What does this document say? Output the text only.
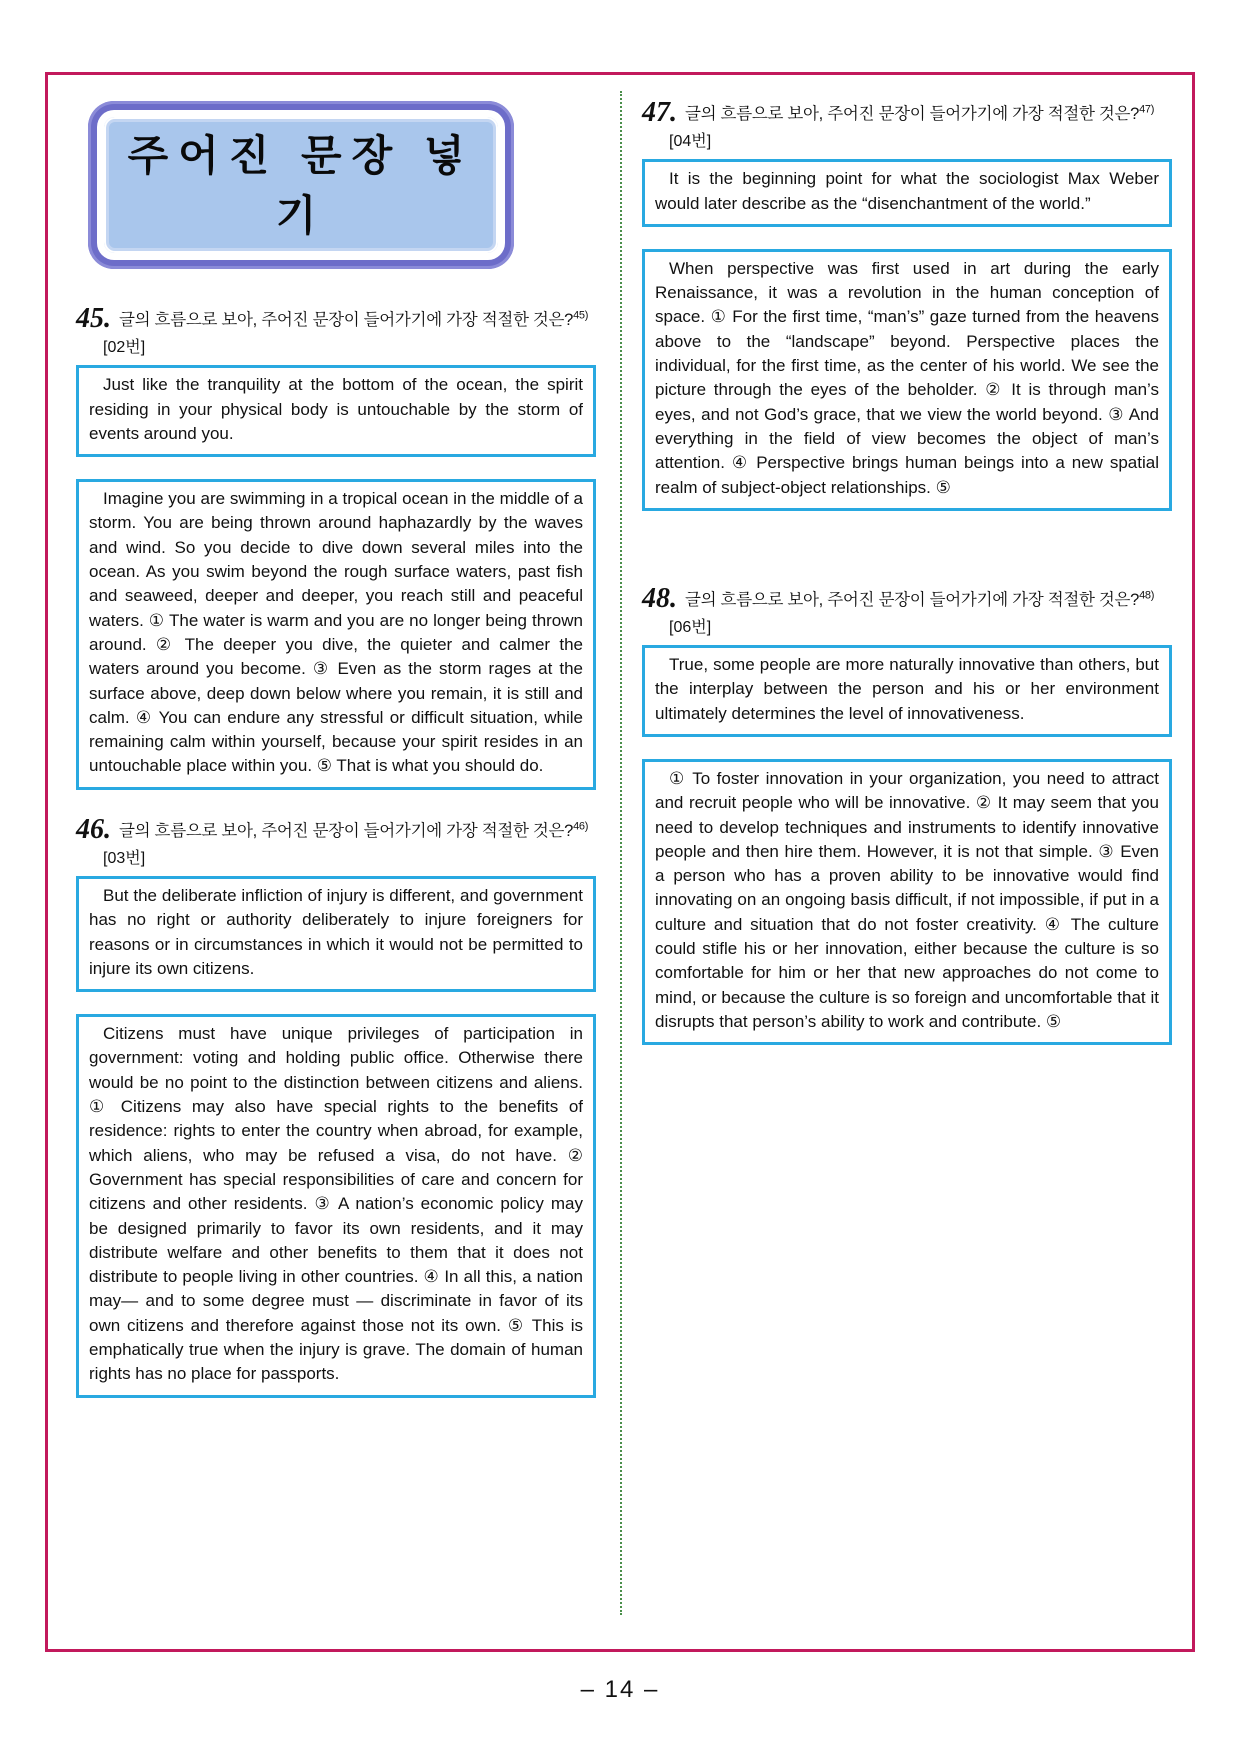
주어진 문장 넣기
45. 글의 흐름으로 보아, 주어진 문장이 들어가기에 가장 적절한 것은?$^{45)}$
[02번]

Just like the tranquility at the bottom of the ocean, the spirit residing in your physical body is untouchable by the storm of events around you.

Imagine you are swimming in a tropical ocean in the middle of a storm. You are being thrown around haphazardly by the waves and wind. So you decide to dive down several miles into the ocean. As you swim beyond the rough surface waters, past fish and seaweed, deeper and deeper, you reach still and peaceful waters. ① The water is warm and you are no longer being thrown around. ② The deeper you dive, the quieter and calmer the waters around you become. ③ Even as the storm rages at the surface above, deep down below where you remain, it is still and calm. ④ You can endure any stressful or difficult situation, while remaining calm within yourself, because your spirit resides in an untouchable place within you. ⑤ That is what you should do.

46. 글의 흐름으로 보아, 주어진 문장이 들어가기에 가장 적절한 것은?$^{46)}$
[03번]

But the deliberate infliction of injury is different, and government has no right or authority deliberately to injure foreigners for reasons or in circumstances in which it would not be permitted to injure its own citizens.

Citizens must have unique privileges of participation in government: voting and holding public office. Otherwise there would be no point to the distinction between citizens and aliens. ① Citizens may also have special rights to the benefits of residence: rights to enter the country when abroad, for example, which aliens, who may be refused a visa, do not have. ② Government has special responsibilities of care and concern for citizens and other residents. ③ A nation’s economic policy may be designed primarily to favor its own residents, and it may distribute welfare and other benefits to them that it does not distribute to people living in other countries. ④ In all this, a nation may— and to some degree must — discriminate in favor of its own citizens and therefore against those not its own. ⑤ This is emphatically true when the injury is grave. The domain of human rights has no place for passports.

47. 글의 흐름으로 보아, 주어진 문장이 들어가기에 가장 적절한 것은?$^{47)}$
[04번]

It is the beginning point for what the sociologist Max Weber would later describe as the “disenchantment of the world.”

When perspective was first used in art during the early Renaissance, it was a revolution in the human conception of space. ① For the first time, “man’s” gaze turned from the heavens above to the “landscape” beyond. Perspective places the individual, for the first time, as the center of his world. We see the picture through the eyes of the beholder. ② It is through man’s eyes, and not God’s grace, that we view the world beyond. ③ And everything in the field of view becomes the object of man’s attention. ④ Perspective brings human beings into a new spatial realm of subject-object relationships. ⑤

48. 글의 흐름으로 보아, 주어진 문장이 들어가기에 가장 적절한 것은?$^{48)}$
[06번]

True, some people are more naturally innovative than others, but the interplay between the person and his or her environment ultimately determines the level of innovativeness.

① To foster innovation in your organization, you need to attract and recruit people who will be innovative. ② It may seem that you need to develop techniques and instruments to identify innovative people and then hire them. However, it is not that simple. ③ Even a person who has a proven ability to be innovative would find innovating on an ongoing basis difficult, if not impossible, if put in a culture and situation that do not foster creativity. ④ The culture could stifle his or her innovation, either because the culture is so comfortable for him or her that new approaches do not come to mind, or because the culture is so foreign and uncomfortable that it disrupts that person’s ability to work and contribute. ⑤

– 14 –
